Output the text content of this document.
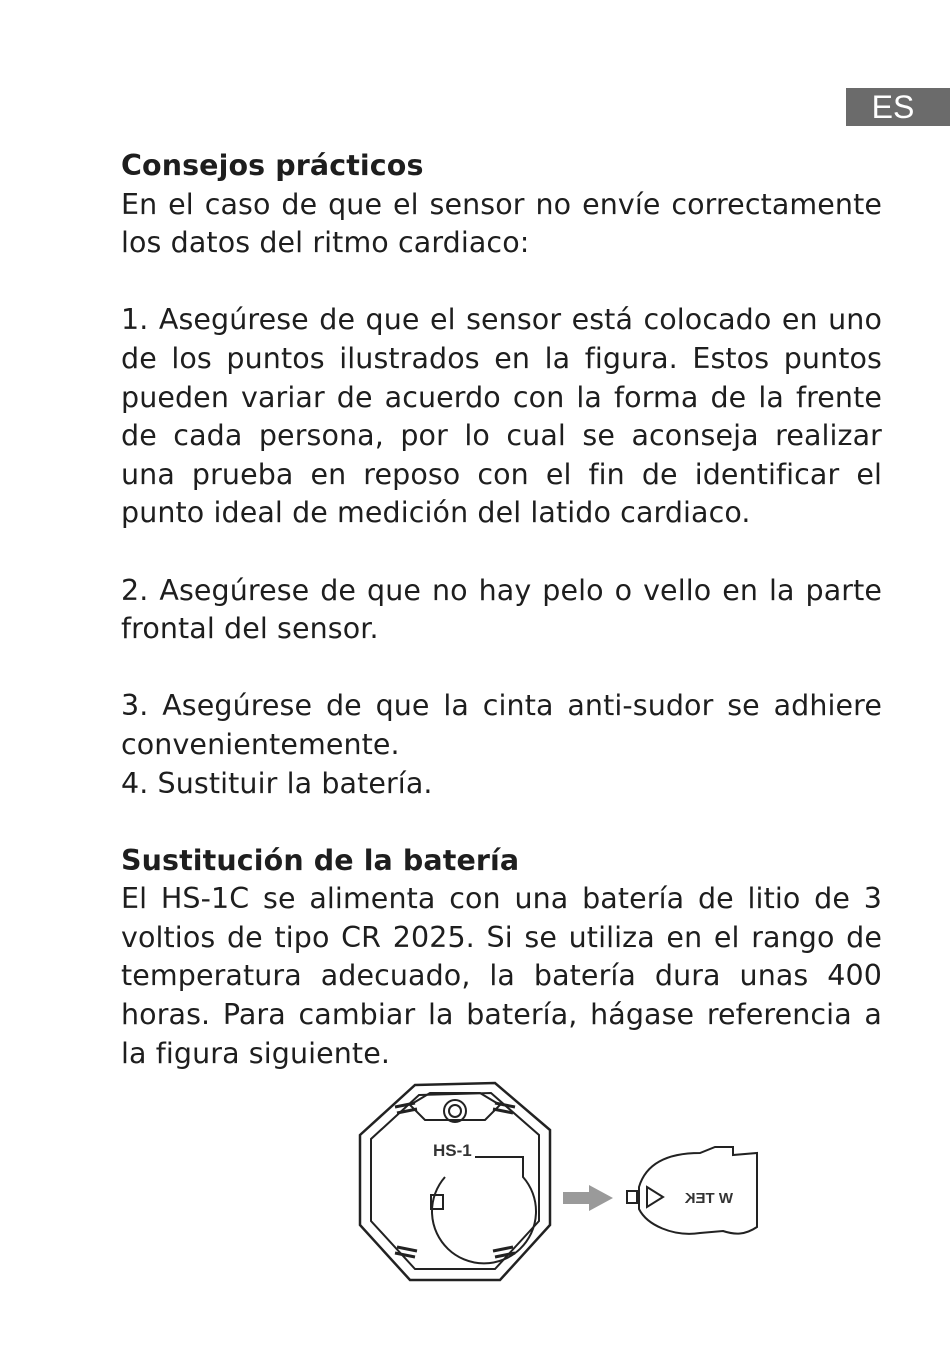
ES
Consejos prácticos

En el caso de que el sensor no envíe correctamente los datos del ritmo cardiaco:

1. Asegúrese de que el sensor está colocado en uno de los puntos ilustrados en la figura. Estos puntos pueden variar de acuerdo con la forma de la frente de cada persona, por lo cual se aconseja realizar una prueba en reposo con el fin de identificar el punto ideal de medición del latido cardiaco.

2. Asegúrese de que no hay pelo o vello en la parte frontal del sensor.

3. Asegúrese de que la cinta anti-sudor se adhiere convenientemente.

4. Sustituir la batería.

Sustitución de la batería

El HS-1C se alimenta con una batería de litio de 3 voltios de tipo CR 2025. Si se utiliza en el rango de temperatura adecuado, la batería dura unas 400 horas. Para cambiar la batería, hágase referencia a la figura siguiente.

HS-1
W TEK
